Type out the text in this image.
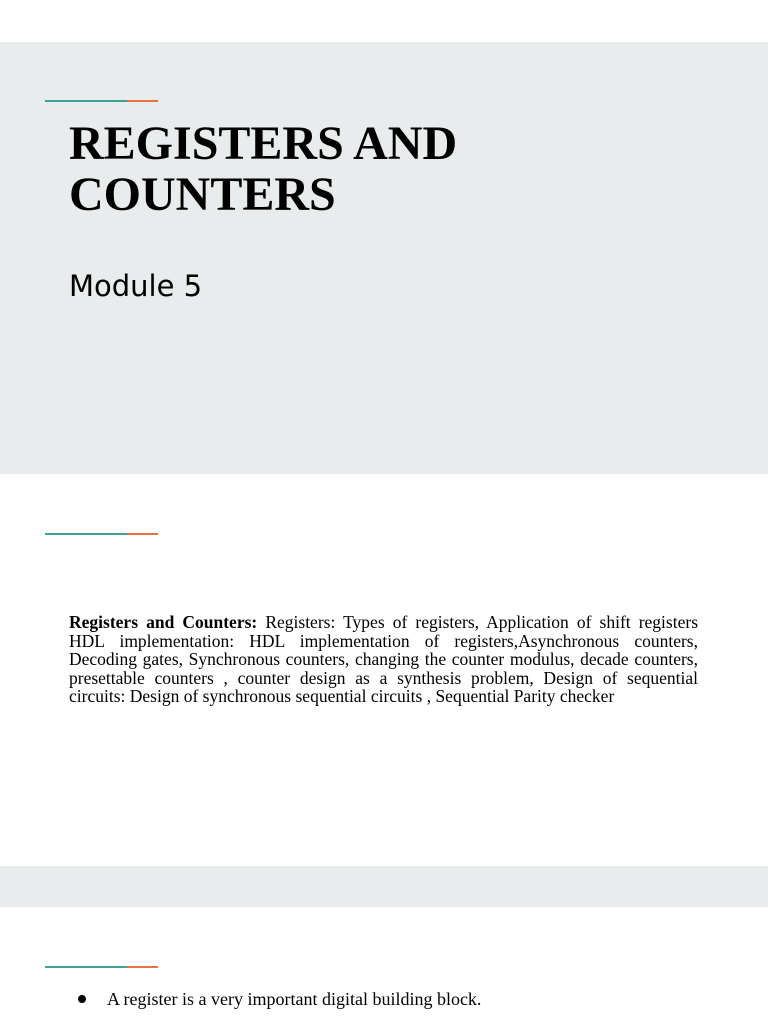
REGISTERS AND COUNTERS

Module 5

Registers and Counters: Registers: Types of registers, Application of shift registers HDL implementation: HDL implementation of registers,Asynchronous counters, Decoding gates, Synchronous counters, changing the counter modulus, decade counters, presettable counters , counter design as a synthesis problem, Design of sequential circuits: Design of synchronous sequential circuits , Sequential Parity checker

A register is a very important digital building block.
